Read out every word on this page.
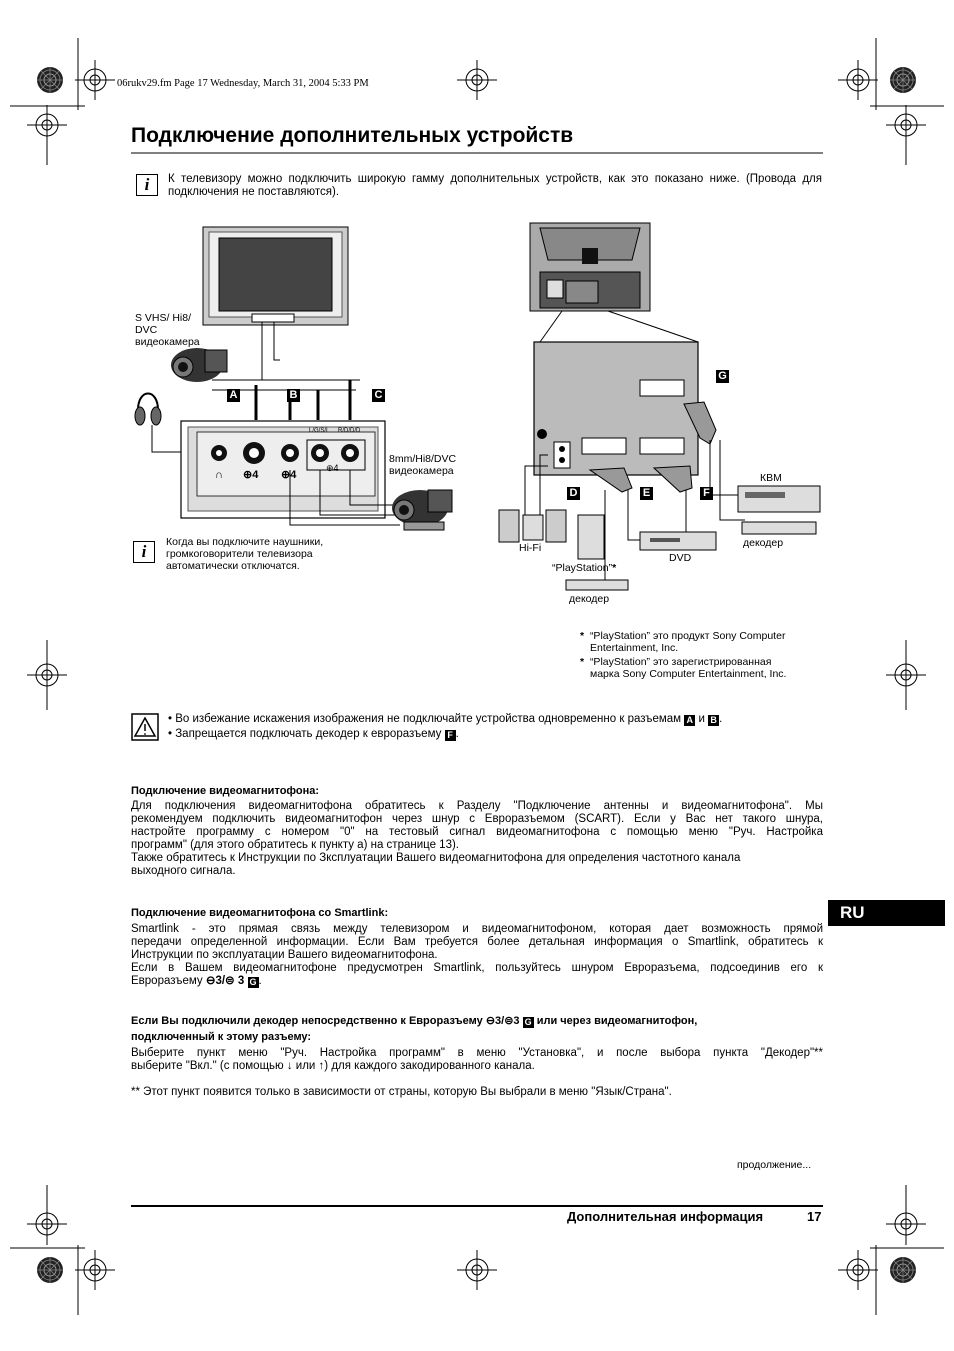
∩ ⊕4 ⊕4
⊕4
06rukv29.fm Page 17 Wednesday, March 31, 2004 5:33 PM
Подключение дополнительных устройств
i	К телевизору можно подключить широкую гамму дополнительных устройств, как это показано ниже. (Провода для подключения не поставляются).
S VHS/ Hi8/
DVC
видеокамера
A	B	C
L/G/S/I R/D/D/D
8mm/Hi8/DVC
видеокамера
i	Когда вы подключите наушники,
громкоговорители телевизора
автоматически отключатся.
G
D	E	F
КВМ
декодер
Hi-Fi
DVD
“PlayStation”*
декодер
* “PlayStation” это продукт Sony Computer
Entertainment, Inc.
* “PlayStation” это зарегистрированная
марка Sony Computer Entertainment, Inc.
• Во избежание искажения изображения не подключайте устройства одновременно к разъемам A и B .
• Запрещается подключать декодер к еврoразъему F .
Подключение видеомагнитофона:
Для подключения видеомагнитофона обратитесь к Разделу "Подключение антенны и видеомагнитофона". Мы
рекомендуем подключить видеомагнитофон через шнур с Евроразъемом (SCART). Если у Вас нет такого шнура,
настройте программу с номером "0" на тестовый сигнал видеомагнитофона с помощью меню "Руч. Настройка
программ" (для этого обратитесь к пункту а) на странице 13).
Также обратитесь к Инструкции по Зксплуатации Вашего видеомагнитофона для определения частотного канала
выходного сигнала.
Подключение видеомагнитофона со Smartlink:
Smartlink - это прямая связь между телевизором и видеомагнитофоном, которая дает возможность прямой
передачи определенной информации. Если Вам требуется более детальная информация о Smartlink, обратитесь к
Инструкции по эксплуатации Вашего видеомагнитофона.
Если в Вашем видеомагнитофоне предусмотрен Smartlink, пользуйтесь шнуром Евроразъема, подсоединив его к
Еврoразъему ⊖3/⊜ 3 G .
Если Вы подключили декодер непосредственно к Евроразъему ⊖3/⊜3 G или через видеомагнитофон,
подключенный к этому разъему:
Выберите пункт меню "Руч. Настройка программ" в меню "Установка", и после выбора пункта "Декодер"**
выберите "Вкл." (с помощью ↓ или ↑) для каждого закодированного канала.
** Этот пункт появится только в зависимости от страны, которую Вы выбрали в меню "Язык/Страна".
продолжение...
RU
Дополнительная информация	17
